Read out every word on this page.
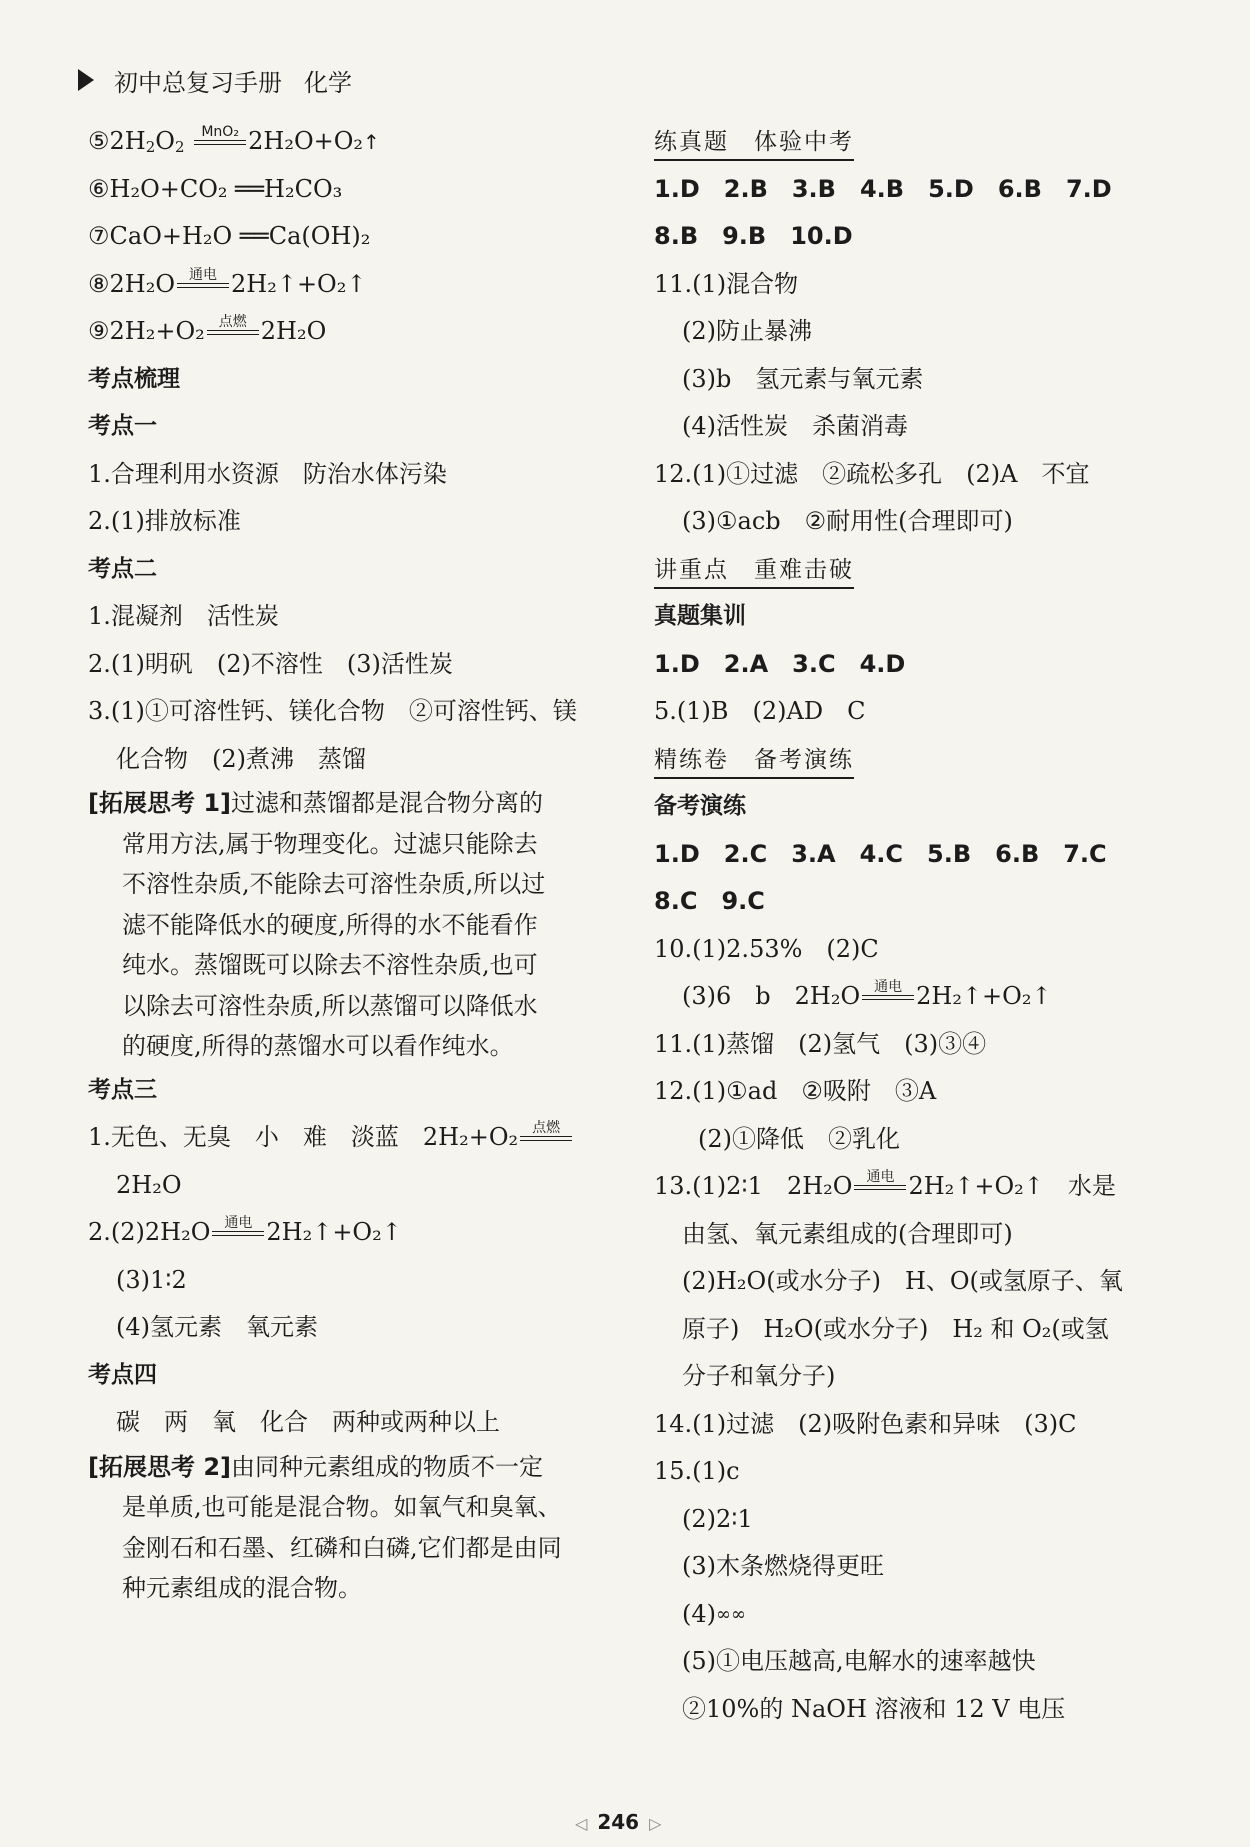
初中总复习手册 化学
$⑤2H_2O_2$
MnO₂ 2H₂O+O₂↑
⑥H₂O+CO₂ ══H₂CO₃
⑦CaO+H₂O ══Ca(OH)₂
⑧2H₂O 通电 2H₂↑+O₂↑
⑨2H₂+O₂ 点燃 2H₂O
考点梳理
考点一
1.合理利用水资源　防治水体污染
2.(1)排放标准
考点二
1.混凝剂　活性炭
2.(1)明矾　(2)不溶性　(3)活性炭
3.(1)①可溶性钙、镁化合物　②可溶性钙、镁
化合物　(2)煮沸　蒸馏
[拓展思考 1]过滤和蒸馏都是混合物分离的
常用方法,属于物理变化。过滤只能除去
不溶性杂质,不能除去可溶性杂质,所以过
滤不能降低水的硬度,所得的水不能看作
纯水。蒸馏既可以除去不溶性杂质,也可
以除去可溶性杂质,所以蒸馏可以降低水
的硬度,所得的蒸馏水可以看作纯水。
考点三
1.无色、无臭　小　难　淡蓝　2H₂+O₂ 点燃
2H₂O
2.(2)2H₂O 通电 2H₂↑+O₂↑
(3)1∶2
(4)氢元素　氧元素
考点四
碳　两　氧　化合　两种或两种以上
[拓展思考 2]由同种元素组成的物质不一定
是单质,也可能是混合物。如氧气和臭氧、
金刚石和石墨、红磷和白磷,它们都是由同
种元素组成的混合物。
练真题　体验中考
1.D　 2.B　 3.B　 4.B　 5.D　 6.B　 7.D
8.B　 9.B　 10.D
11.(1)混合物
(2)防止暴沸
(3)b　氢元素与氧元素
(4)活性炭　杀菌消毒
12.(1)①过滤　②疏松多孔　(2)A　不宜
(3)①acb　②耐用性(合理即可)
讲重点　重难击破
真题集训
1.D　 2.A　 3.C　 4.D
5.(1)B　(2)AD　C
精练卷　备考演练
备考演练
1.D　 2.C　 3.A　 4.C　 5.B　 6.B　 7.C
8.C　 9.C
10.(1)2.53%　(2)C
(3)6　b　2H₂O 通电 2H₂↑+O₂↑
11.(1)蒸馏　(2)氢气　(3)③④
12.(1)①ad　②吸附　③A
(2)①降低　②乳化
13.(1)2∶1　2H₂O 通电 2H₂↑+O₂↑　水是
由氢、氧元素组成的(合理即可)
(2)H₂O(或水分子)　H、O(或氢原子、氧
原子)　H₂O(或水分子)　H₂ 和 O₂(或氢
分子和氧分子)
14.(1)过滤　(2)吸附色素和异味　(3)C
15.(1)c
(2)2∶1
(3)木条燃烧得更旺
(4)∞∞
(5)①电压越高,电解水的速率越快
②10%的 NaOH 溶液和 12 V 电压
◁ 246 ▷
